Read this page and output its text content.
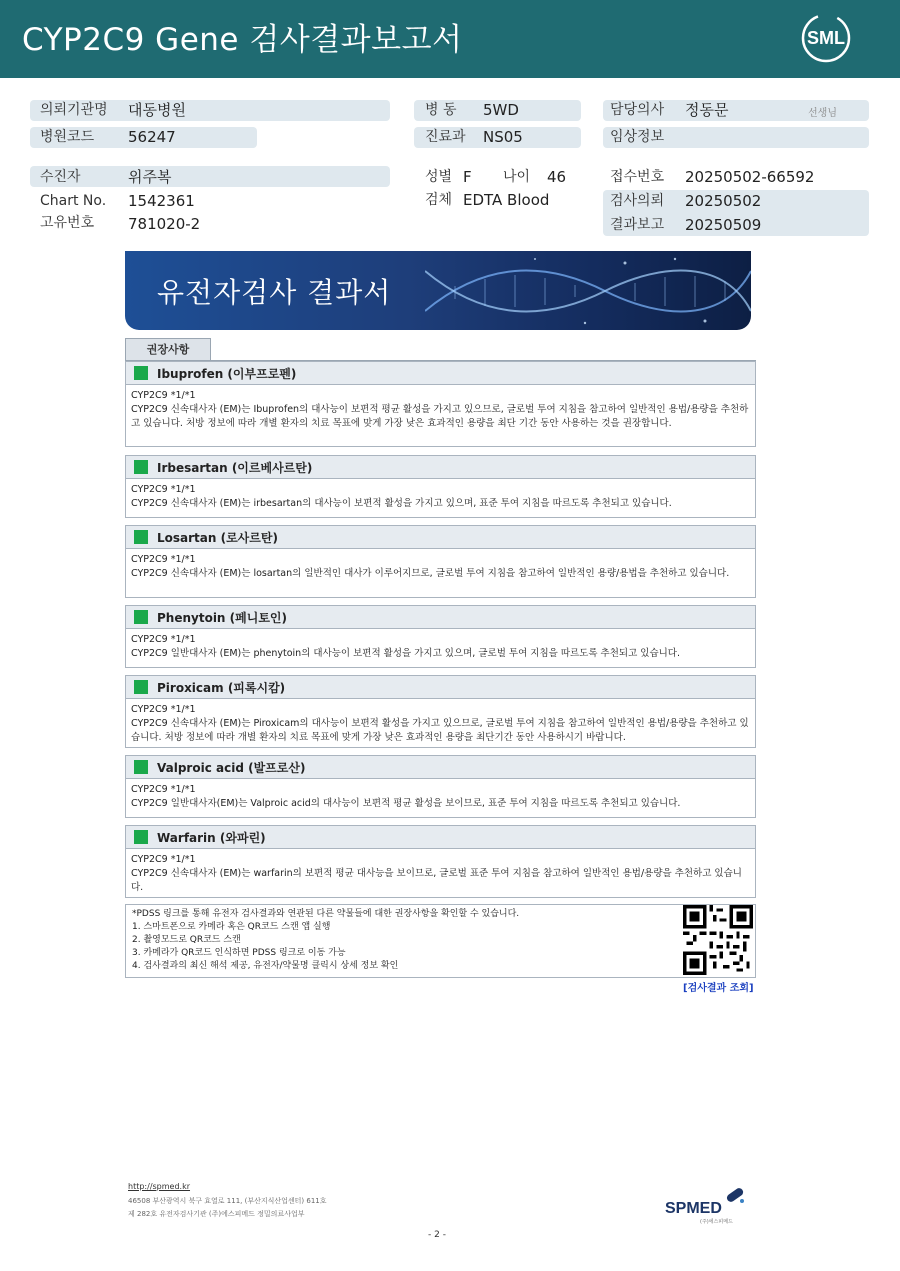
CYP2C9 Gene 검사결과보고서	SML
의뢰기관명 대동병원
병원코드 56247
수진자	위주복
Chart No. 1542361
고유번호 781020-2
병 동 5WD
진료과 NS05
성별 F 나이 46
검체 EDTA Blood
담당의사 정동문	선생님
임상정보
접수번호 20250502-66592
검사의뢰 20250502
결과보고 20250509
유전자검사 결과서
권장사항
Ibuprofen (이부프로펜)
CYP2C9 *1/*1
CYP2C9 신속대사자 (EM)는 Ibuprofen의 대사능이 보편적 평균 활성을 가지고 있으므로, 글로벌 투여 지침을 참고하여 일반적인 용법/용량을 추천하고 있습니다. 처방 정보에 따라 개별 환자의 치료 목표에 맞게 가장 낮은 효과적인 용량을 최단 기간 동안 사용하는 것을 권장합니다.
Irbesartan (이르베사르탄)
CYP2C9 *1/*1
CYP2C9 신속대사자 (EM)는 irbesartan의 대사능이 보편적 활성을 가지고 있으며, 표준 투여 지침을 따르도록 추천되고 있습니다.
Losartan (로사르탄)
CYP2C9 *1/*1
CYP2C9 신속대사자 (EM)는 losartan의 일반적인 대사가 이루어지므로, 글로벌 투여 지침을 참고하여 일반적인 용량/용법을 추천하고 있습니다.
Phenytoin (페니토인)
CYP2C9 *1/*1
CYP2C9 일반대사자 (EM)는 phenytoin의 대사능이 보편적 활성을 가지고 있으며, 글로벌 투여 지침을 따르도록 추천되고 있습니다.
Piroxicam (피록시캄)
CYP2C9 *1/*1
CYP2C9 신속대사자 (EM)는 Piroxicam의 대사능이 보편적 활성을 가지고 있으므로, 글로벌 투여 지침을 참고하여 일반적인 용법/용량을 추천하고 있습니다. 처방 정보에 따라 개별 환자의 치료 목표에 맞게 가장 낮은 효과적인 용량을 최단기간 동안 사용하시기 바랍니다.
Valproic acid (발프로산)
CYP2C9 *1/*1
CYP2C9 일반대사자(EM)는 Valproic acid의 대사능이 보편적 평균 활성을 보이므로, 표준 투여 지침을 따르도록 추천되고 있습니다.
Warfarin (와파린)
CYP2C9 *1/*1
CYP2C9 신속대사자 (EM)는 warfarin의 보편적 평균 대사능을 보이므로, 글로벌 표준 투여 지침을 참고하여 일반적인 용법/용량을 추천하고 있습니다.
*PDSS 링크를 통해 유전자 검사결과와 연관된 다른 약물들에 대한 권장사항을 확인할 수 있습니다.
1. 스마트폰으로 카메라 혹은 QR코드 스캔 앱 실행
2. 촬영모드로 QR코드 스캔
3. 카메라가 QR코드 인식하면 PDSS 링크로 이동 가능
4. 검사결과의 최신 해석 제공, 유전자/약물명 클릭시 상세 정보 확인
[검사결과 조회]
http://spmed.kr
46508 부산광역시 북구 효열로 111, (부산지식산업센터) 611호
제 282호 유전자검사기관 (주)에스피메드 정밀의료사업부
- 2 -
SPMED
(주)에스피메드
